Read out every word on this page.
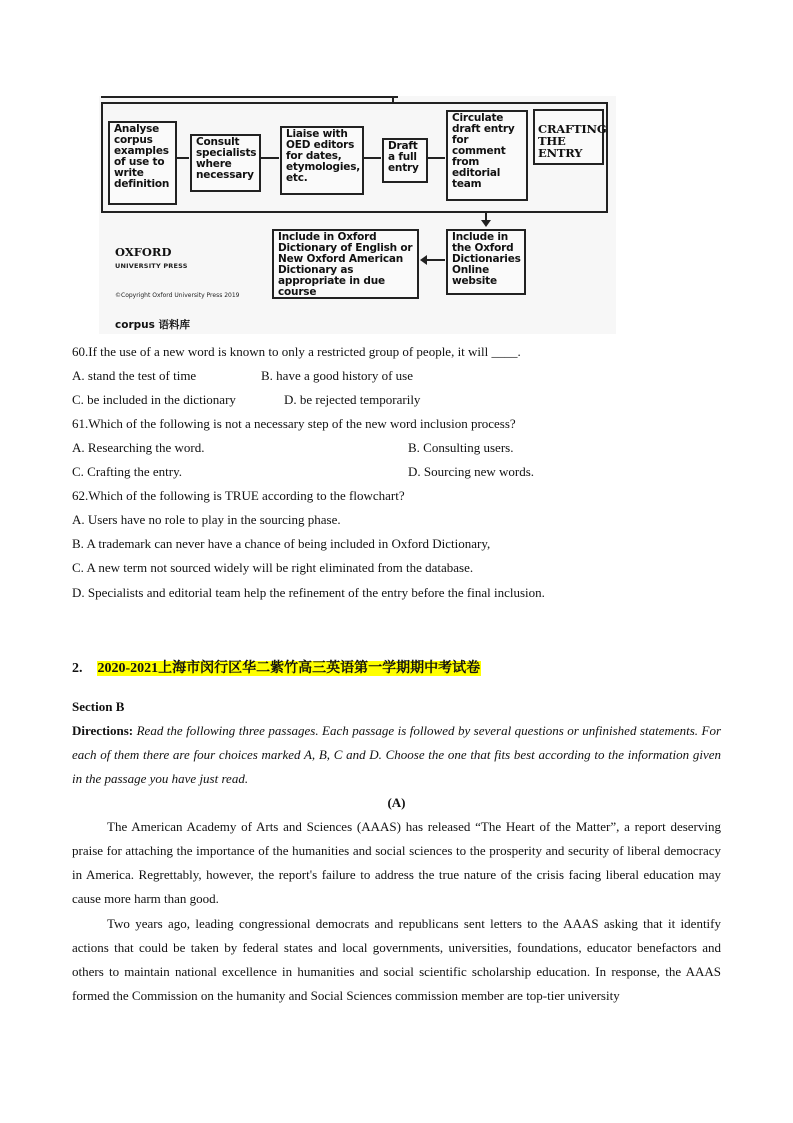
Analyse corpus examples of use to write definition
Consult specialists where necessary
Liaise with OED editors for dates, etymologies, etc.
Draft a full entry
Circulate draft entry for comment from editorial team
CRAFTING THE ENTRY
Include in the Oxford Dictionaries Online website
Include in Oxford Dictionary of English or New Oxford American Dictionary as appropriate in due course
OXFORD
UNIVERSITY PRESS
©Copyright Oxford University Press 2019
corpus 语料库
60.If the use of a new word is known to only a restricted group of people, it will ____.
A. stand the test of time	B. have a good history of use
C. be included in the dictionary	D. be rejected temporarily
61.Which of the following is not a necessary step of the new word inclusion process?
A. Researching the word.	B. Consulting users.
C. Crafting the entry.	D. Sourcing new words.
62.Which of the following is TRUE according to the flowchart?
A. Users have no role to play in the sourcing phase.
B. A trademark can never have a chance of being included in Oxford Dictionary,
C. A new term not sourced widely will be right eliminated from the database.
D. Specialists and editorial team help the refinement of the entry before the final inclusion.
2. 2020-2021上海市闵行区华二紫竹高三英语第一学期期中考试卷
Section B
Directions: Read the following three passages. Each passage is followed by several questions or unfinished statements. For each of them there are four choices marked A, B, C and D. Choose the one that fits best according to the information given in the passage you have just read.
(A)
The American Academy of Arts and Sciences (AAAS) has released “The Heart of the Matter”, a report deserving praise for attaching the importance of the humanities and social sciences to the prosperity and security of liberal democracy in America. Regrettably, however, the report's failure to address the true nature of the crisis facing liberal education may cause more harm than good.
Two years ago, leading congressional democrats and republicans sent letters to the AAAS asking that it identify actions that could be taken by federal states and local governments, universities, foundations, educator benefactors and others to maintain national excellence in humanities and social scientific scholarship education. In response, the AAAS formed the Commission on the humanity and Social Sciences commission member are top-tier university
